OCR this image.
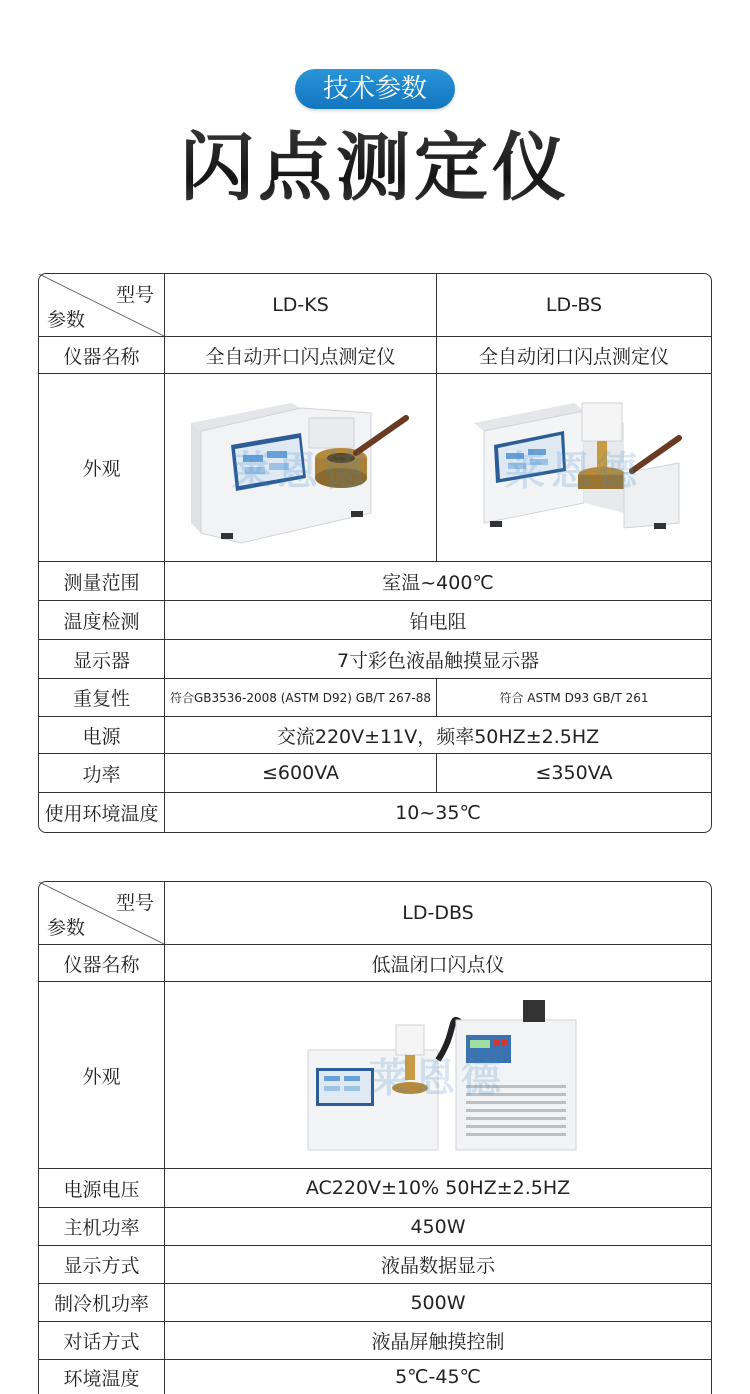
技术参数
闪点测定仪
型号
参数	LD-KS	LD-BS
仪器名称	全自动开口闪点测定仪	全自动闭口闪点测定仪
外观	莱恩德	莱恩德

测量范围	室温~400℃	
温度检测	铂电阻	
显示器	7寸彩色液晶触摸显示器	
重复性	符合GB3536-2008 (ASTM D92) GB/T 267-88	符合 ASTM D93 GB/T 261
电源	交流220V±11V，频率50HZ±2.5HZ	
功率	≤600VA	≤350VA
使用环境温度	10~35℃	
型号
参数	LD-DBS
仪器名称	低温闭口闪点仪
外观	莱恩德

电源电压	AC220V±10% 50HZ±2.5HZ
主机功率	450W
显示方式	液晶数据显示
制冷机功率	500W
对话方式	液晶屏触摸控制
环境温度	5℃-45℃
